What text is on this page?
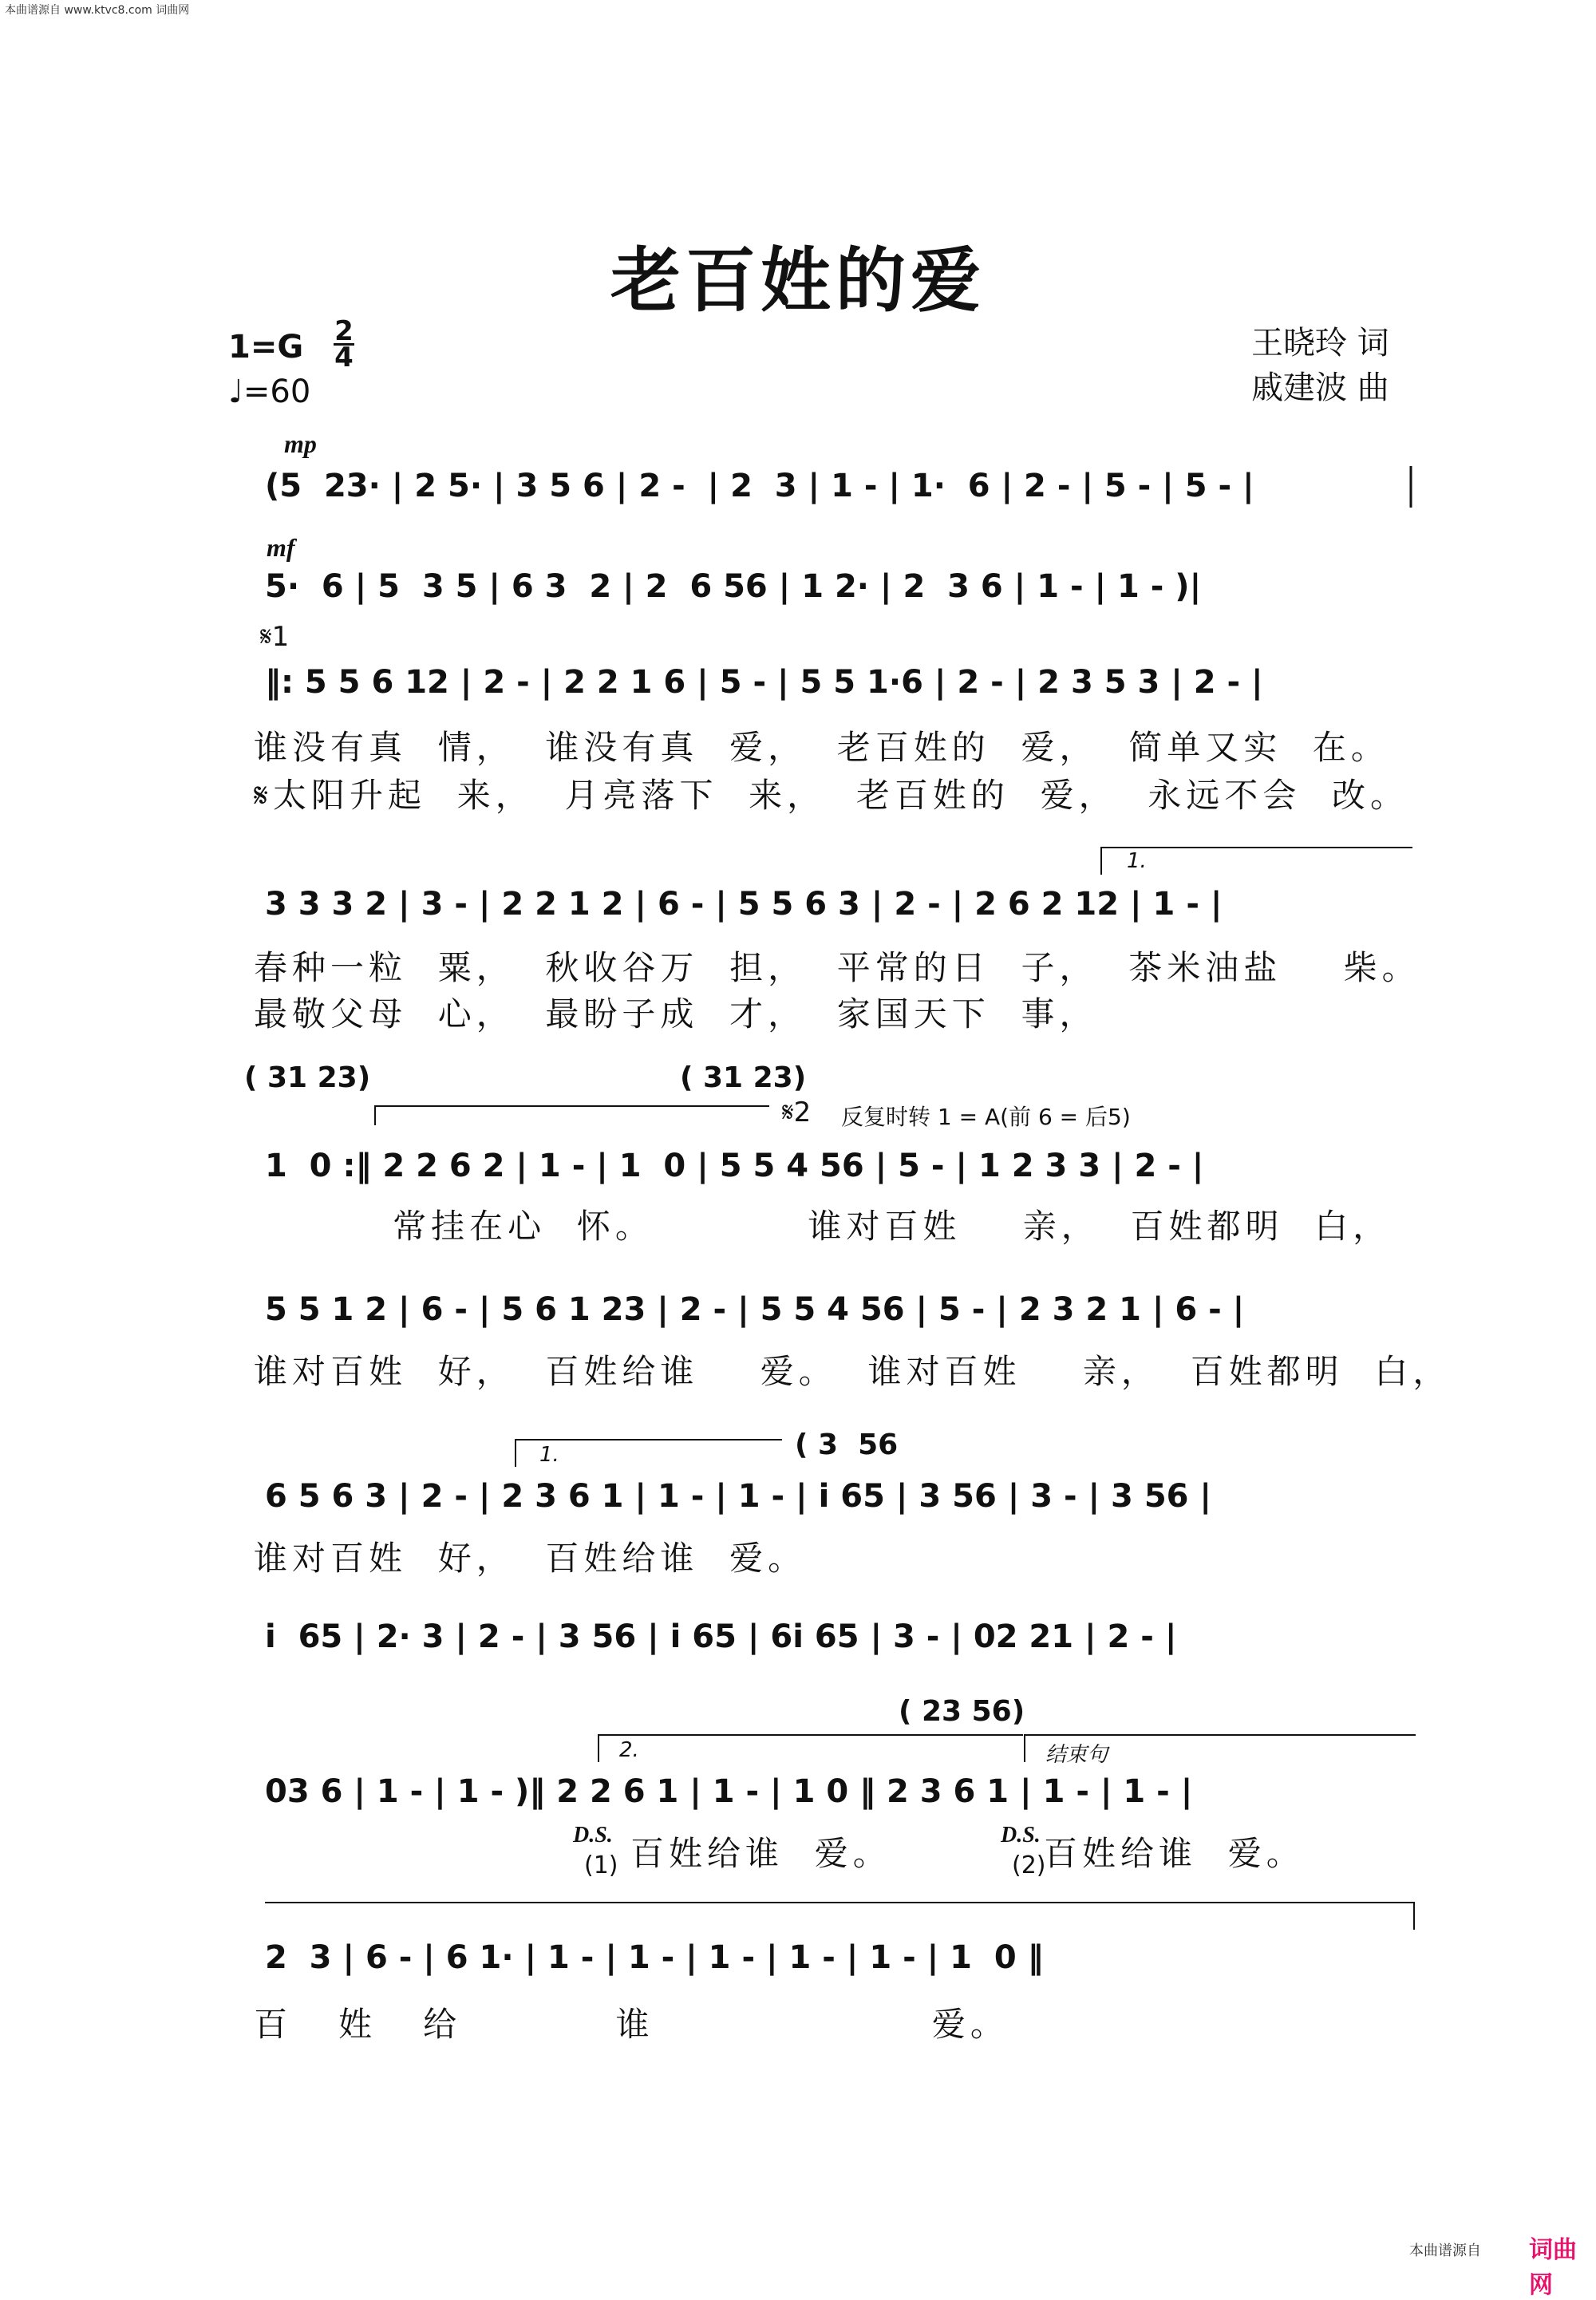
本曲谱源自 www.ktvc8.com 词曲网
本曲谱源自 词曲网
老百姓的爱
1=G 2
4
♩=60
王晓玲 词
戚建波 曲
mp
mf
𝄋1
𝄋2 反复时转 1 = A(前 6 = 后5)
(5  23· | 2 5· | 3 5 6 | 2 -  | 2  3 | 1 - | 1·  6 | 2 - | 5 - | 5 - |
5·  6 | 5  3 5 | 6 3  2 | 2  6 56 | 1 2· | 2  3 6 | 1 - | 1 - )|
‖: 5 5 6 12 | 2 - | 2 2 1 6 | 5 - | 5 5 1·6 | 2 - | 2 3 5 3 | 2 - |
谁没有真  情，  谁没有真  爱，  老百姓的  爱，  简单又实  在。
𝄋太阳升起  来，  月亮落下  来，  老百姓的  爱，  永远不会  改。
1.
3 3 3 2 | 3 - | 2 2 1 2 | 6 - | 5 5 6 3 | 2 - | 2 6 2 12 | 1 - |
春种一粒  粟，  秋收谷万  担，  平常的日  子，  茶米油盐    柴。
最敬父母  心，  最盼子成  才，  家国天下  事，
( 31 23)	( 31 23)
1  0 :‖ 2 2 6 2 | 1 - | 1  0 | 5 5 4 56 | 5 - | 1 2 3 3 | 2 - |
常挂在心  怀。          谁对百姓    亲，  百姓都明  白，
5 5 1 2 | 6 - | 5 6 1 23 | 2 - | 5 5 4 56 | 5 - | 2 3 2 1 | 6 - |
谁对百姓  好，  百姓给谁    爱。  谁对百姓    亲，  百姓都明  白，
1.	( 3  56
6 5 6 3 | 2 - | 2 3 6 1 | 1 - | 1 - | i 65 | 3 56 | 3 - | 3 56 |
谁对百姓  好，  百姓给谁  爱。
i  65 | 2· 3 | 2 - | 3 56 | i 65 | 6i 65 | 3 - | 02 21 | 2 - |
( 23 56)
2.	结束句
03 6 | 1 - | 1 - )‖ 2 2 6 1 | 1 - | 1 0 ‖ 2 3 6 1 | 1 - | 1 - |
D.S.
(1) 百姓给谁  爱。	D.S.
(2)
百姓给谁  爱。
2  3 | 6 - | 6 1· | 1 - | 1 - | 1 - | 1 - | 1 - | 1  0 ‖
百   姓   给          谁                  爱。
